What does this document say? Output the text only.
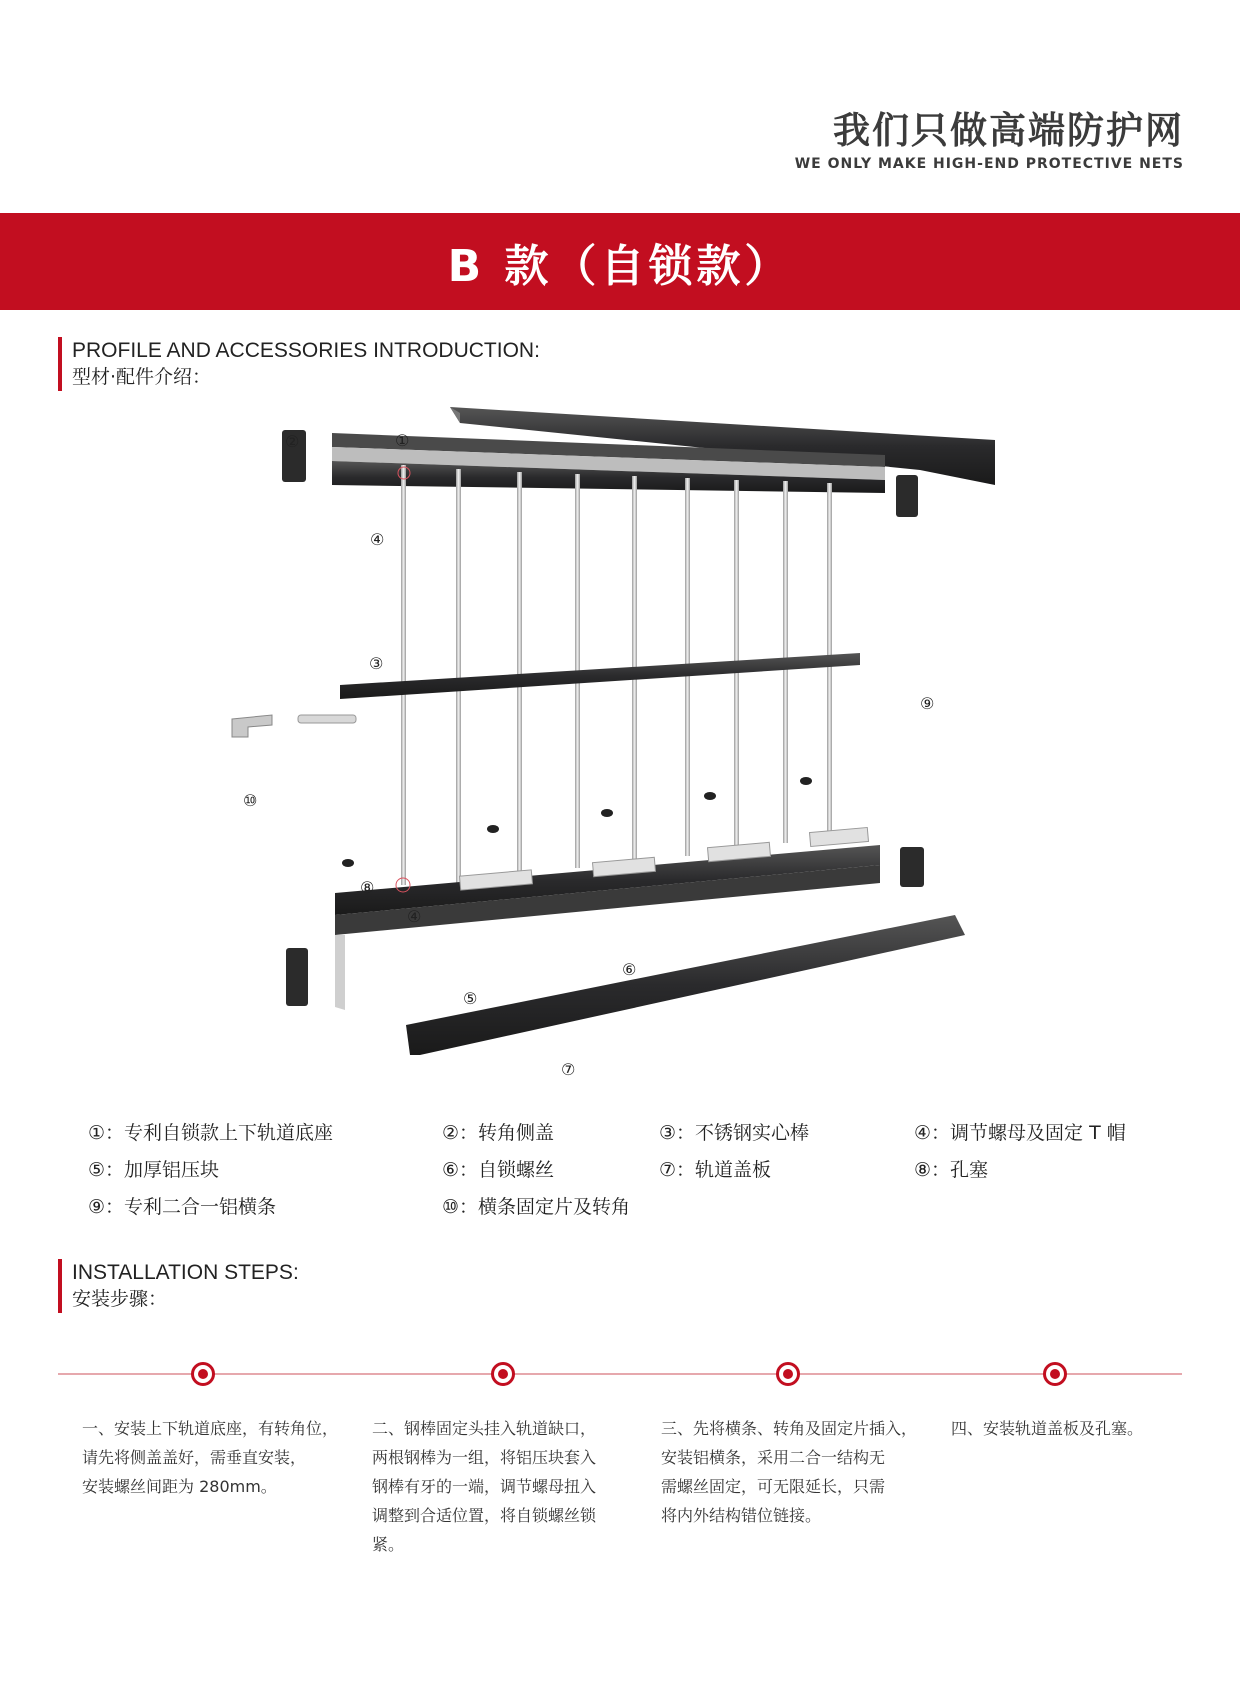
我们只做高端防护网
WE ONLY MAKE HIGH-END PROTECTIVE NETS
B 款（自锁款）
PROFILE AND ACCESSORIES INTRODUCTION:
型材·配件介绍：
①
②
③
④
④
⑤
⑥
⑦
⑧
⑨
⑩
①：专利自锁款上下轨道底座	②：转角侧盖	③：不锈钢实心棒	④：调节螺母及固定 T 帽
⑤：加厚铝压块	⑥：自锁螺丝	⑦：轨道盖板	⑧：孔塞
⑨：专利二合一铝横条	⑩：横条固定片及转角
INSTALLATION STEPS:
安装步骤：
一、安装上下轨道底座，有转角位，
请先将侧盖盖好，需垂直安装，
安装螺丝间距为 280mm。
二、钢棒固定头挂入轨道缺口，
两根钢棒为一组，将铝压块套入
钢棒有牙的一端，调节螺母扭入
调整到合适位置，将自锁螺丝锁
紧。
三、先将横条、转角及固定片插入，
安装铝横条，采用二合一结构无
需螺丝固定，可无限延长，只需
将内外结构错位链接。
四、安装轨道盖板及孔塞。
